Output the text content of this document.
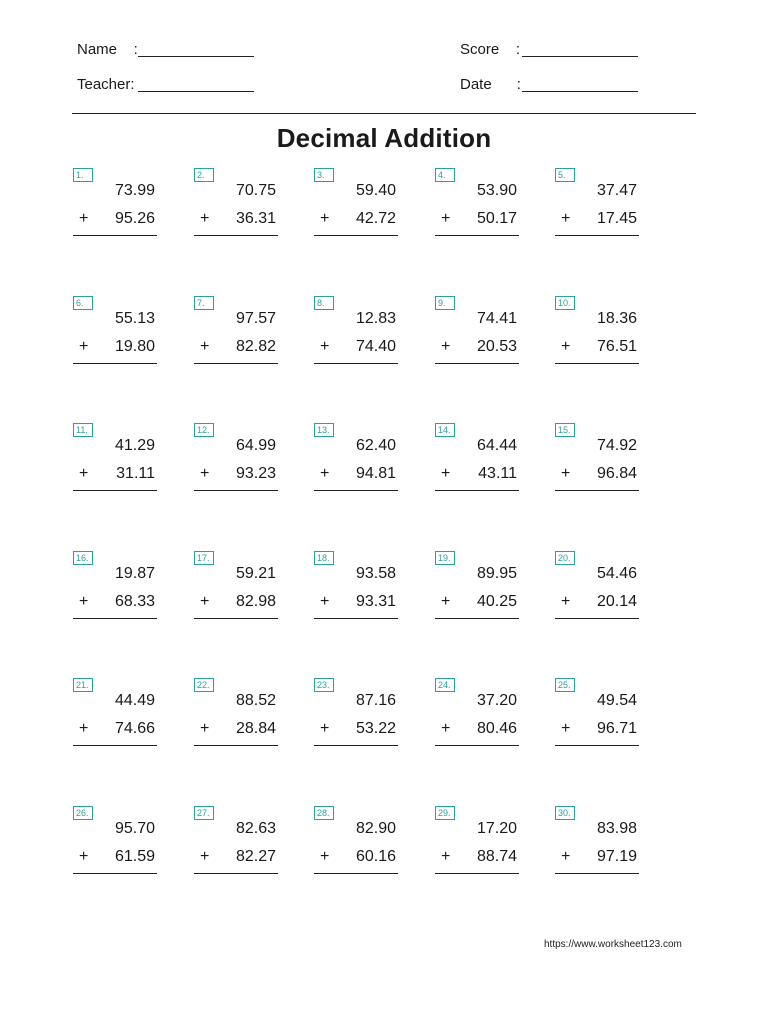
Name    :
Teacher:
Score    :
Date      :
Decimal Addition
1.
73.99
+ 95.26
2.
70.75
+ 36.31
3.
59.40
+ 42.72
4.
53.90
+ 50.17
5.
37.47
+ 17.45
6.
55.13
+ 19.80
7.
97.57
+ 82.82
8.
12.83
+ 74.40
9.
74.41
+ 20.53
10.
18.36
+ 76.51
11.
41.29
+ 31.11
12.
64.99
+ 93.23
13.
62.40
+ 94.81
14.
64.44
+ 43.11
15.
74.92
+ 96.84
16.
19.87
+ 68.33
17.
59.21
+ 82.98
18.
93.58
+ 93.31
19.
89.95
+ 40.25
20.
54.46
+ 20.14
21.
44.49
+ 74.66
22.
88.52
+ 28.84
23.
87.16
+ 53.22
24.
37.20
+ 80.46
25.
49.54
+ 96.71
26.
95.70
+ 61.59
27.
82.63
+ 82.27
28.
82.90
+ 60.16
29.
17.20
+ 88.74
30.
83.98
+ 97.19
https://www.worksheet123.com
